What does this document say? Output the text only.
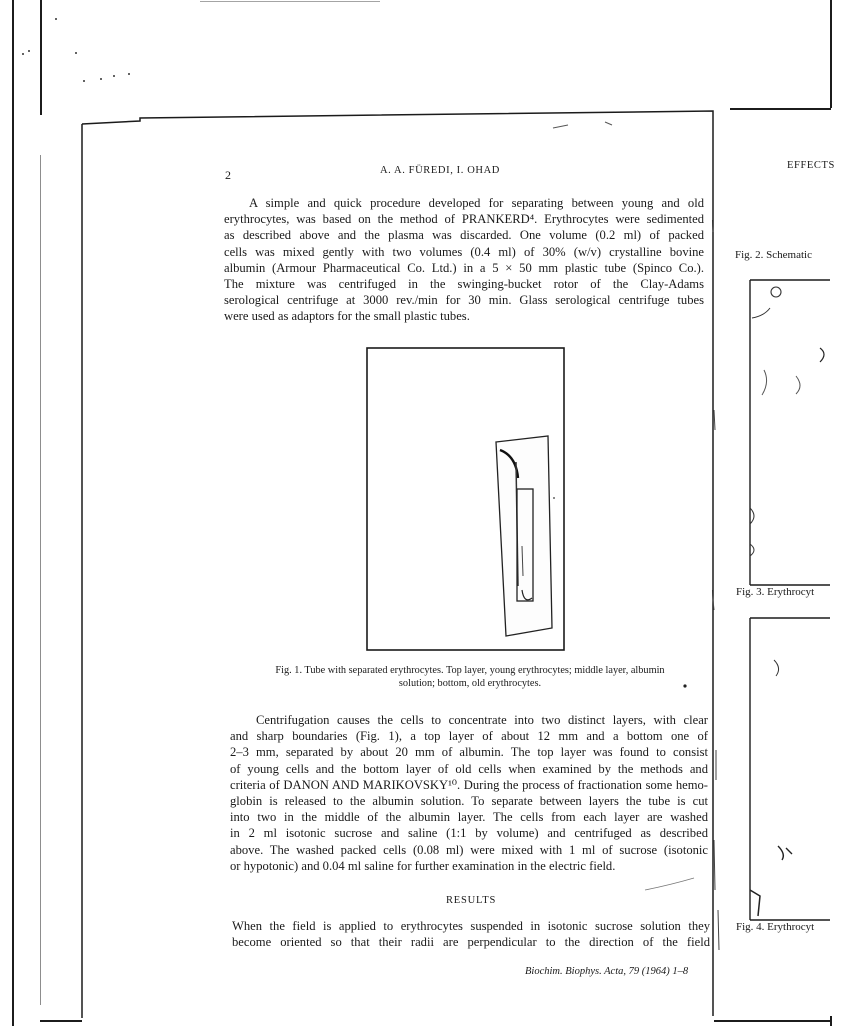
2	A. A. FÜREDI, I. OHAD
A simple and quick procedure developed for separating between young and old
erythrocytes, was based on the method of PRANKERD⁴. Erythrocytes were sedimented
as described above and the plasma was discarded. One volume (0.2 ml) of packed
cells was mixed gently with two volumes (0.4 ml) of 30% (w/v) crystalline bovine
albumin (Armour Pharmaceutical Co. Ltd.) in a 5 × 50 mm plastic tube (Spinco Co.).
The mixture was centrifuged in the swinging-bucket rotor of the Clay-Adams
serological centrifuge at 3000 rev./min for 30 min. Glass serological centrifuge tubes
were used as adaptors for the small plastic tubes.
Fig. 1. Tube with separated erythrocytes. Top layer, young erythrocytes; middle layer, albumin
solution; bottom, old erythrocytes.
Centrifugation causes the cells to concentrate into two distinct layers, with clear
and sharp boundaries (Fig. 1), a top layer of about 12 mm and a bottom one of
2–3 mm, separated by about 20 mm of albumin. The top layer was found to consist
of young cells and the bottom layer of old cells when examined by the methods and
criteria of DANON AND MARIKOVSKY¹⁰. During the process of fractionation some hemo-
globin is released to the albumin solution. To separate between layers the tube is cut
into two in the middle of the albumin layer. The cells from each layer are washed
in 2 ml isotonic sucrose and saline (1:1 by volume) and centrifuged as described
above. The washed packed cells (0.08 ml) were mixed with 1 ml of sucrose (isotonic
or hypotonic) and 0.04 ml saline for further examination in the electric field.
RESULTS
When the field is applied to erythrocytes suspended in isotonic sucrose solution they
become oriented so that their radii are perpendicular to the direction of the field
Biochim. Biophys. Acta, 79 (1964) 1–8
EFFECTS
Fig. 2. Schematic
Fig. 3. Erythrocyt
Fig. 4. Erythrocyt
